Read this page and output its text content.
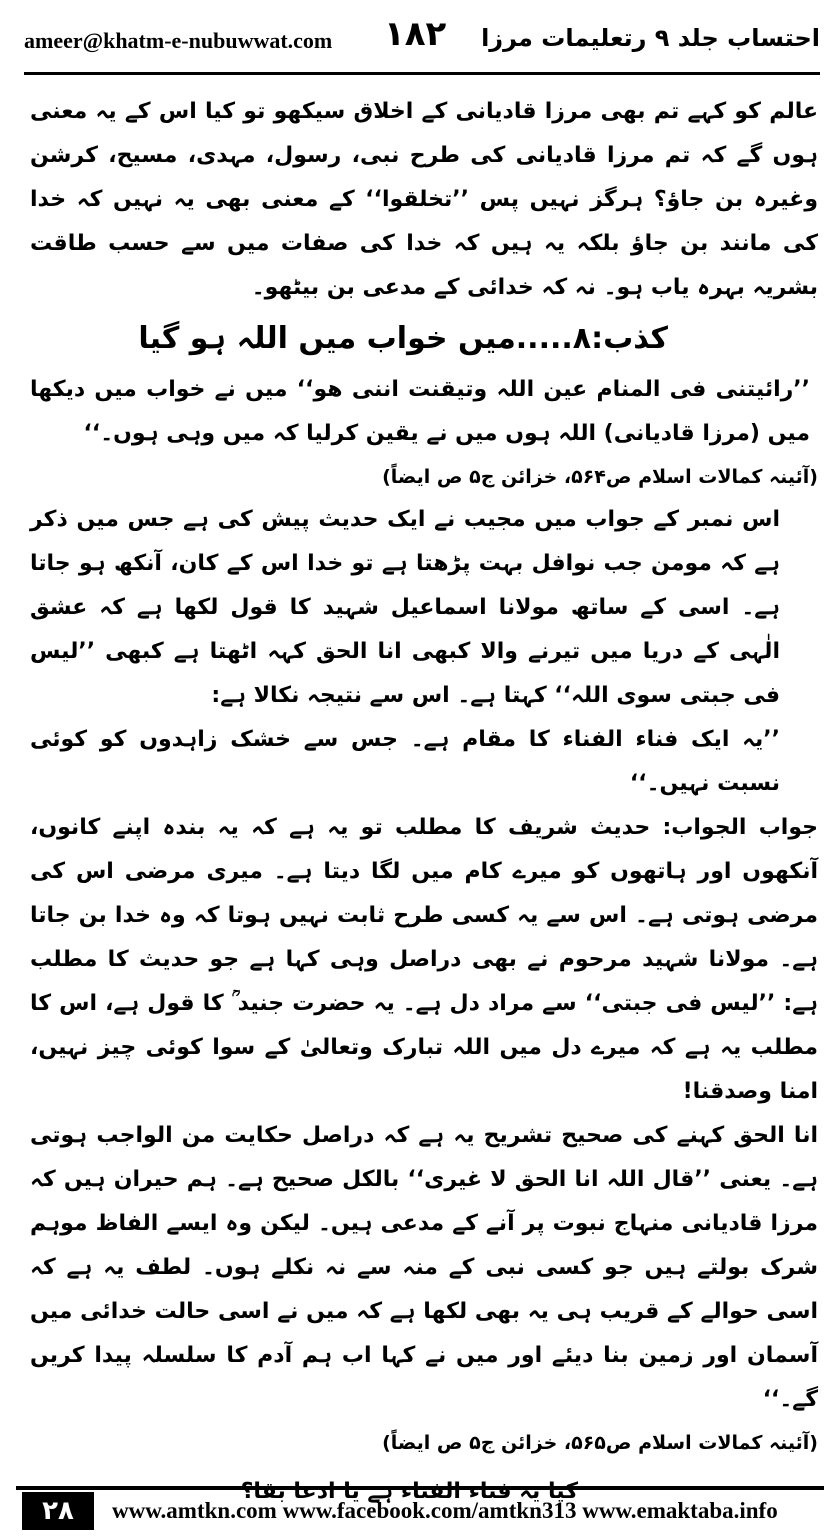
ameer@khatm-e-nubuwwat.com ۱۸۲ احتساب جلد ۹ رتعلیمات مرزا

عالم کو کہے تم بھی مرزا قادیانی کے اخلاق سیکھو تو کیا اس کے یہ معنی ہوں گے کہ تم مرزا قادیانی کی طرح نبی، رسول، مہدی، مسیح، کرشن وغیرہ بن جاؤ؟ ہرگز نہیں پس ’’تخلقوا‘‘ کے معنی بھی یہ نہیں کہ خدا کی مانند بن جاؤ بلکہ یہ ہیں کہ خدا کی صفات میں سے حسب طاقت بشریہ بہرہ یاب ہو۔ نہ کہ خدائی کے مدعی بن بیٹھو۔

کذب:۸.....میں خواب میں اللہ ہو گیا

’’رائیتنی فی المنام عین اللہ وتیقنت اننی ھو‘‘ میں نے خواب میں دیکھا میں (مرزا قادیانی) اللہ ہوں میں نے یقین کرلیا کہ میں وہی ہوں۔‘‘

(آئینہ کمالات اسلام ص۵۶۴، خزائن ج۵ ص ایضاً)

اس نمبر کے جواب میں مجیب نے ایک حدیث پیش کی ہے جس میں ذکر ہے کہ مومن جب نوافل بہت پڑھتا ہے تو خدا اس کے کان، آنکھ ہو جاتا ہے۔ اسی کے ساتھ مولانا اسماعیل شہید کا قول لکھا ہے کہ عشق الٰہی کے دریا میں تیرنے والا کبھی انا الحق کہہ اٹھتا ہے کبھی ’’لیس فی جبتی سوی اللہ‘‘ کہتا ہے۔ اس سے نتیجہ نکالا ہے:

’’یہ ایک فناء الفناء کا مقام ہے۔ جس سے خشک زاہدوں کو کوئی نسبت نہیں۔‘‘

جواب الجواب: حدیث شریف کا مطلب تو یہ ہے کہ یہ بندہ اپنے کانوں، آنکھوں اور ہاتھوں کو میرے کام میں لگا دیتا ہے۔ میری مرضی اس کی مرضی ہوتی ہے۔ اس سے یہ کسی طرح ثابت نہیں ہوتا کہ وہ خدا بن جاتا ہے۔ مولانا شہید مرحوم نے بھی دراصل وہی کہا ہے جو حدیث کا مطلب ہے: ’’لیس فی جبتی‘‘ سے مراد دل ہے۔ یہ حضرت جنید ؒ کا قول ہے، اس کا مطلب یہ ہے کہ میرے دل میں اللہ تبارک وتعالیٰ کے سوا کوئی چیز نہیں، امنا وصدقنا!

انا الحق کہنے کی صحیح تشریح یہ ہے کہ دراصل حکایت من الواجب ہوتی ہے۔ یعنی ’’قال اللہ انا الحق لا غیری‘‘ بالکل صحیح ہے۔ ہم حیران ہیں کہ مرزا قادیانی منہاج نبوت پر آنے کے مدعی ہیں۔ لیکن وہ ایسے الفاظ موہم شرک بولتے ہیں جو کسی نبی کے منہ سے نہ نکلے ہوں۔ لطف یہ ہے کہ اسی حوالے کے قریب ہی یہ بھی لکھا ہے کہ میں نے اسی حالت خدائی میں آسمان اور زمین بنا دیئے اور میں نے کہا اب ہم آدم کا سلسلہ پیدا کریں گے۔‘‘

(آئینہ کمالات اسلام ص۵۶۵، خزائن ج۵ ص ایضاً)

کیا یہ فناء الفناء ہے یا ادعا بقا؟

۲۸	www.amtkn.com www.facebook.com/amtkn313 www.emaktaba.info
